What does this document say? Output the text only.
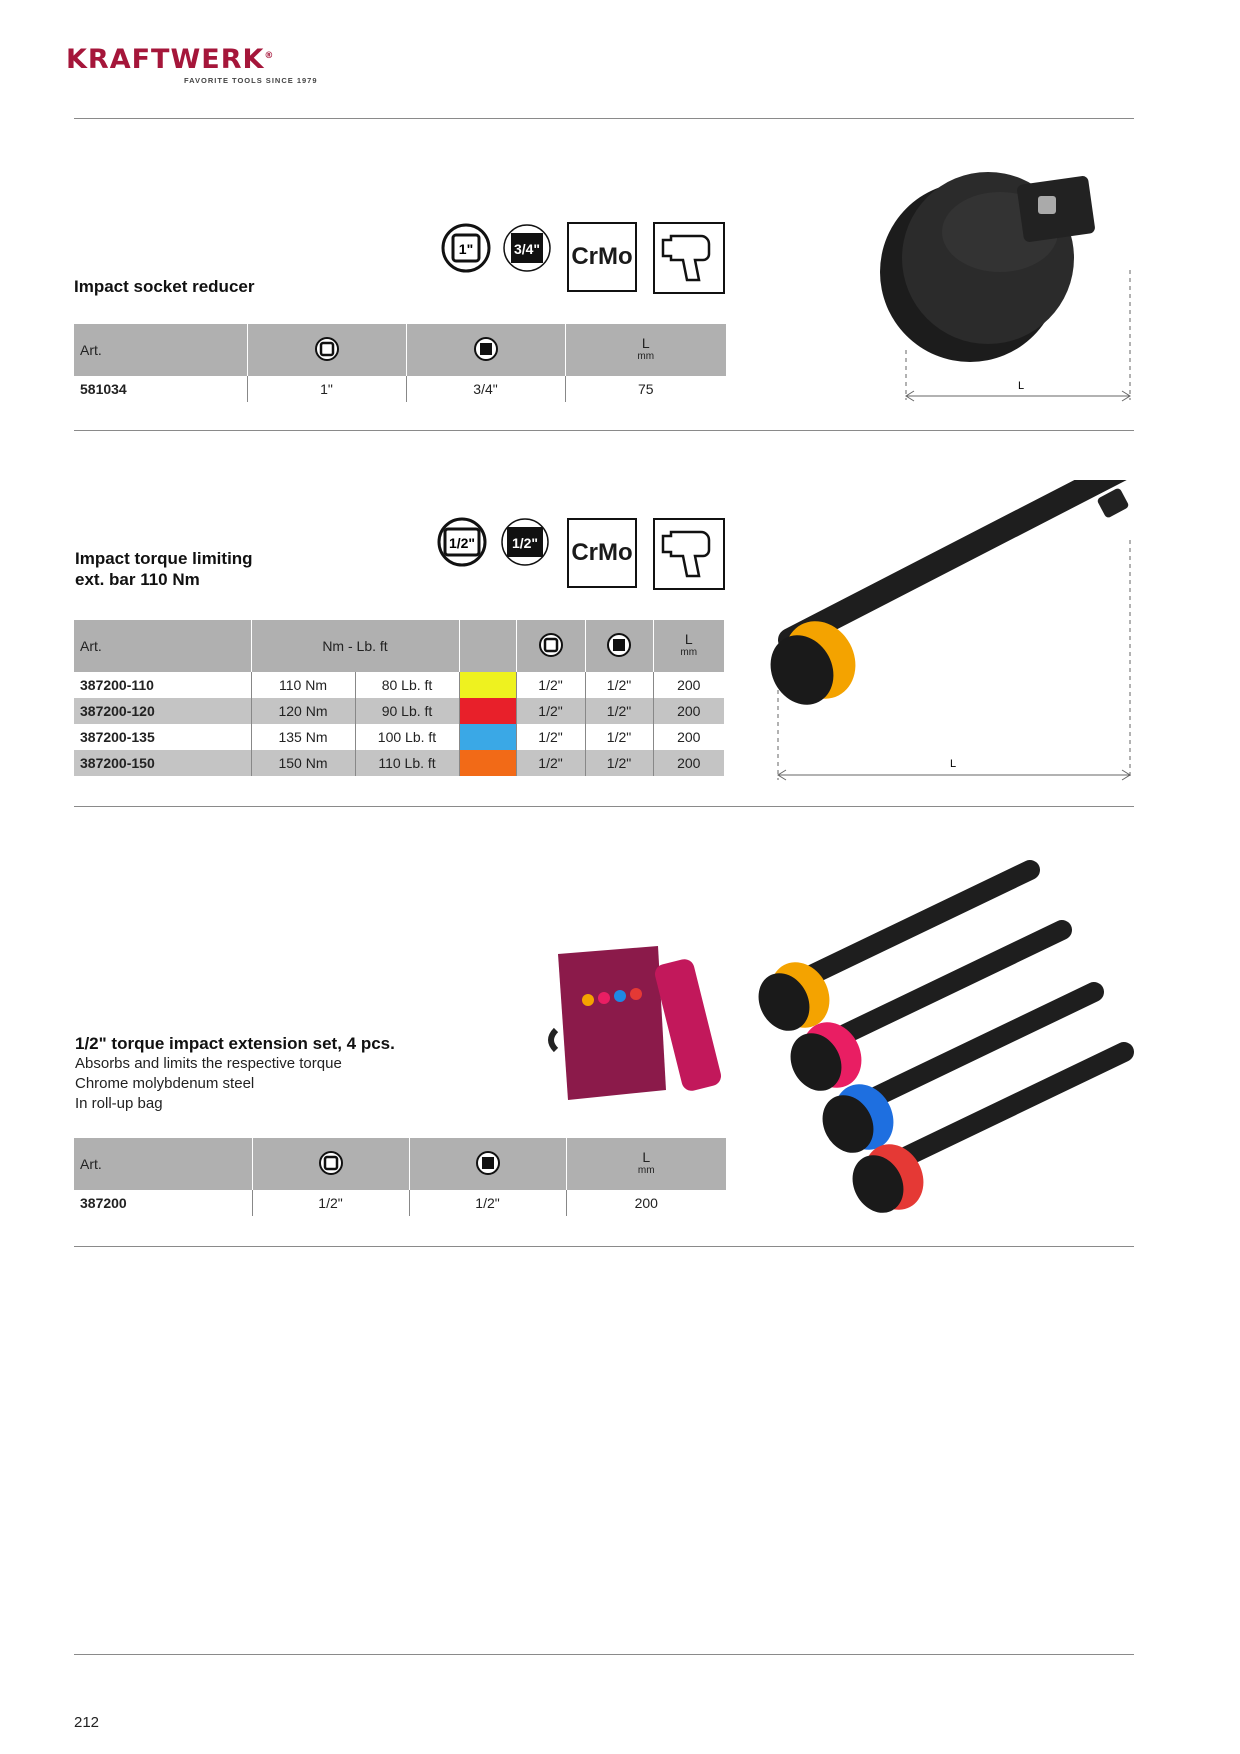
KRAFTWERK®
FAVORITE TOOLS SINCE 1979
Impact socket reducer
1"	3/4" CrMo
Art.			L
mm

581034	1"	3/4"	75	L
Impact torque limiting
ext. bar 110 Nm
1/2"	1/2" CrMo
Art.	Nm - Lb. ft					L
mm

387200-110	110 Nm	80 Lb. ft		1/2"	1/2"	200
387200-120	120 Nm	90 Lb. ft		1/2"	1/2"	200
387200-135	135 Nm	100 Lb. ft		1/2"	1/2"	200
387200-150	150 Nm	110 Lb. ft		1/2"	1/2"	200	L
1/2" torque impact extension set, 4 pcs.
Absorbs and limits the respective torque
Chrome molybdenum steel
In roll-up bag
Art.			L
mm

387200	1/2"	1/2"	200
212
